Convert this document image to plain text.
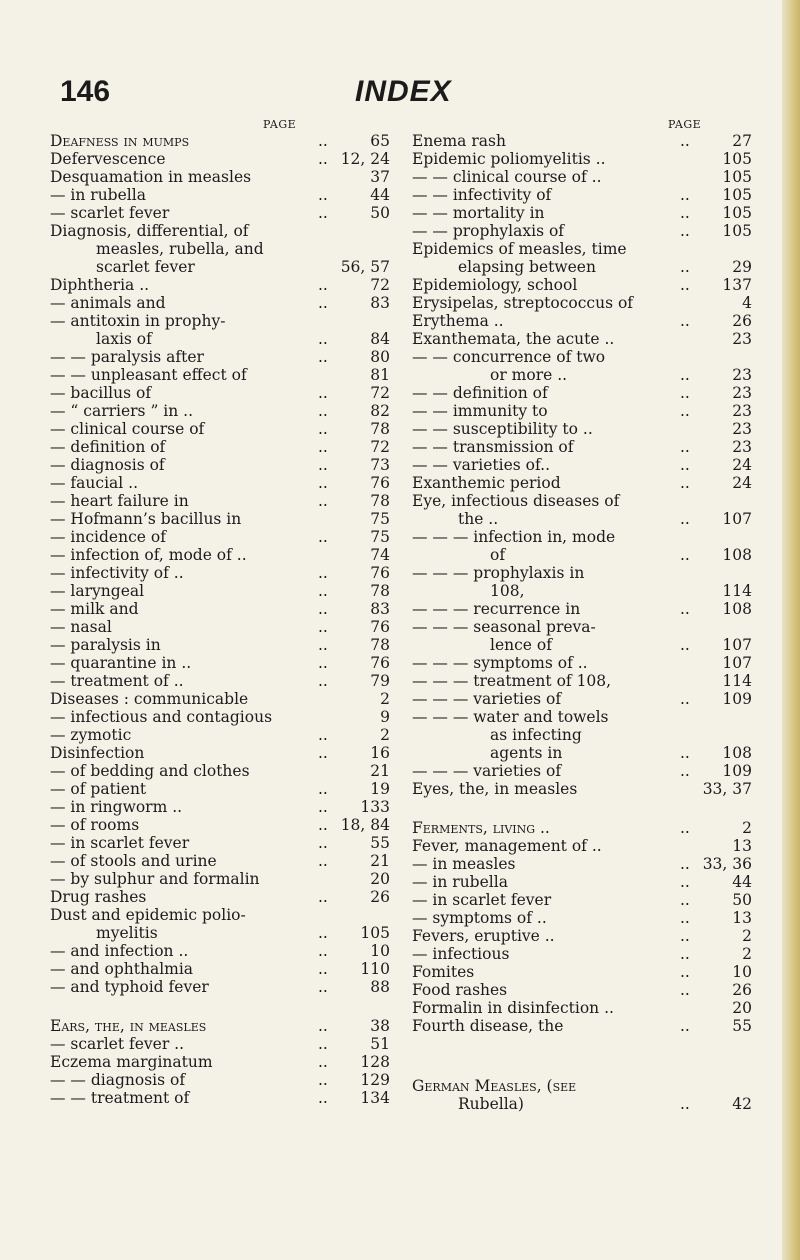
146	INDEX
PAGE	PAGE
Deafness in mumps	..	65
Defervescence	.. 12, 24
Desquamation in measles	37
— in rubella	..	44
— scarlet fever	..	50
Diagnosis, differential, of
measles, rubella, and
scarlet fever	56, 57
Diphtheria ..	..	72
— animals and	..	83
— antitoxin in prophy-
laxis of	..	84
— — paralysis after	..	80
— — unpleasant effect of	81
— bacillus of	..	72
— “ carriers ” in ..	..	82
— clinical course of	..	78
— definition of	..	72
— diagnosis of	..	73
— faucial ..	..	76
— heart failure in	..	78
— Hofmann’s bacillus in	75
— incidence of	..	75
— infection of, mode of ..	74
— infectivity of ..	..	76
— laryngeal	..	78
— milk and	..	83
— nasal	..	76
— paralysis in	..	78
— quarantine in ..	..	76
— treatment of ..	..	79
Diseases : communicable	2
— infectious and contagious	9
— zymotic	..	2
Disinfection	..	16
— of bedding and clothes	21
— of patient	..	19
— in ringworm ..	.. 133
— of rooms	.. 18, 84
— in scarlet fever	..	55
— of stools and urine	..	21
— by sulphur and formalin	20
Drug rashes	..	26
Dust and epidemic polio-
myelitis	.. 105
— and infection ..	..	10
— and ophthalmia	.. 110
— and typhoid fever	..	88
Ears, the, in measles	..	38
— scarlet fever ..	..	51
Eczema marginatum	.. 128
— — diagnosis of	.. 129
— — treatment of	.. 134
Enema rash	..	27
Epidemic poliomyelitis ..	105
— — clinical course of ..	105
— — infectivity of	.. 105
— — mortality in	.. 105
— — prophylaxis of	.. 105
Epidemics of measles, time
elapsing between	..	29
Epidemiology, school	.. 137
Erysipelas, streptococcus of	4
Erythema ..	..	26
Exanthemata, the acute ..	23
— — concurrence of two
or more ..	..	23
— — definition of	..	23
— — immunity to	..	23
— — susceptibility to ..	23
— — transmission of	..	23
— — varieties of..	..	24
Exanthemic period	..	24
Eye, infectious diseases of
the ..	.. 107
— — — infection in, mode
of	.. 108
— — — prophylaxis in
108,	114
— — — recurrence in	.. 108
— — — seasonal preva-
lence of	.. 107
— — — symptoms of ..	107
— — — treatment of 108,	114
— — — varieties of	.. 109
— — — water and towels
as infecting
agents in	.. 108
— — — varieties of	.. 109
Eyes, the, in measles	33, 37
Ferments, living ..	..	2
Fever, management of ..	13
— in measles	.. 33, 36
— in rubella	..	44
— in scarlet fever	..	50
— symptoms of ..	..	13
Fevers, eruptive ..	..	2
— infectious	..	2
Fomites	..	10
Food rashes	..	26
Formalin in disinfection ..	20
Fourth disease, the	..	55
German Measles, (see
Rubella)	..	42
